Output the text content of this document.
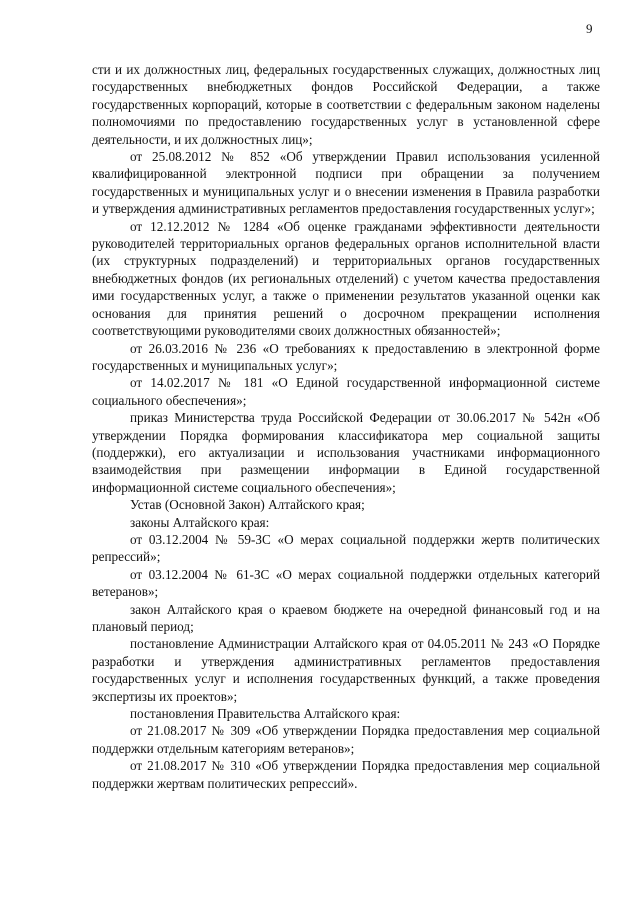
9

сти и их должностных лиц, федеральных государственных служащих, должностных лиц государственных внебюджетных фондов Российской Федерации, а также государственных корпораций, которые в соответствии с федеральным законом наделены полномочиями по предоставлению государственных услуг в установленной сфере деятельности, и их должностных лиц»;

от 25.08.2012 № 852 «Об утверждении Правил использования усиленной квалифицированной электронной подписи при обращении за получением государственных и муниципальных услуг и о внесении изменения в Правила разработки и утверждения административных регламентов предоставления государственных услуг»;

от 12.12.2012 № 1284 «Об оценке гражданами эффективности деятельности руководителей территориальных органов федеральных органов исполнительной власти (их структурных подразделений) и территориальных органов государственных внебюджетных фондов (их региональных отделений) с учетом качества предоставления ими государственных услуг, а также о применении результатов указанной оценки как основания для принятия решений о досрочном прекращении исполнения соответствующими руководителями своих должностных обязанностей»;

от 26.03.2016 № 236 «О требованиях к предоставлению в электронной форме государственных и муниципальных услуг»;

от 14.02.2017 № 181 «О Единой государственной информационной системе социального обеспечения»;

приказ Министерства труда Российской Федерации от 30.06.2017 № 542н «Об утверждении Порядка формирования классификатора мер социальной защиты (поддержки), его актуализации и использования участниками информационного взаимодействия при размещении информации в Единой государственной информационной системе социального обеспечения»;

Устав (Основной Закон) Алтайского края;

законы Алтайского края:

от 03.12.2004 № 59-ЗС «О мерах социальной поддержки жертв политических репрессий»;

от 03.12.2004 № 61-ЗС «О мерах социальной поддержки отдельных категорий ветеранов»;

закон Алтайского края о краевом бюджете на очередной финансовый год и на плановый период;

постановление Администрации Алтайского края от 04.05.2011 № 243 «О Порядке разработки и утверждения административных регламентов предоставления государственных услуг и исполнения государственных функций, а также проведения экспертизы их проектов»;

постановления Правительства Алтайского края:

от 21.08.2017 № 309 «Об утверждении Порядка предоставления мер социальной поддержки отдельным категориям ветеранов»;

от 21.08.2017 № 310 «Об утверждении Порядка предоставления мер социальной поддержки жертвам политических репрессий».
